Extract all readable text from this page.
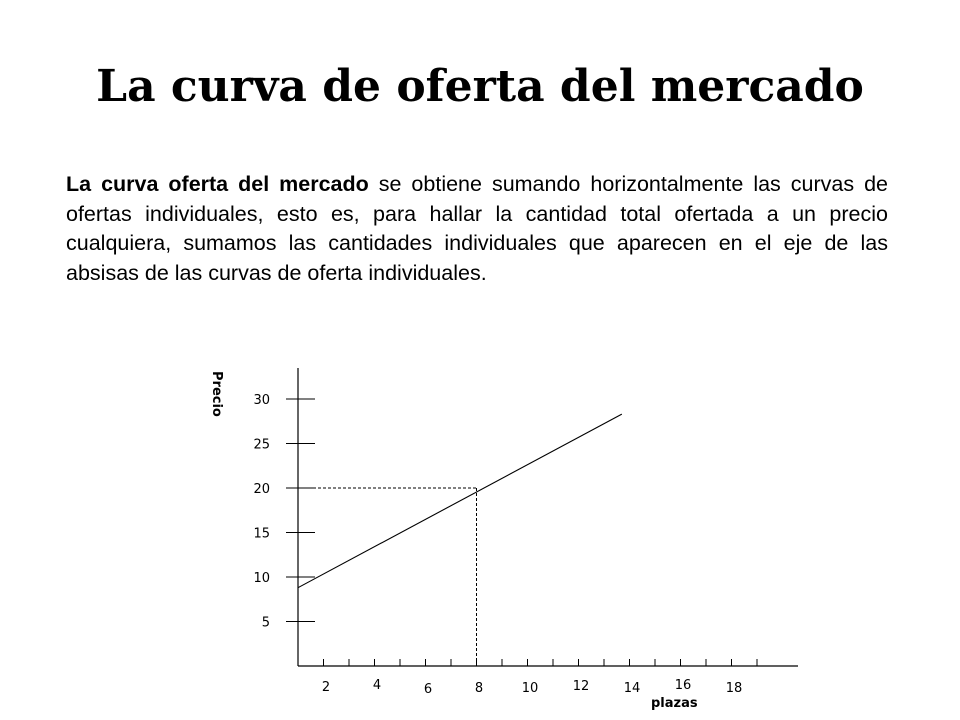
La curva de oferta del mercado

La curva oferta del mercado se obtiene sumando horizontalmente las curvas de ofertas individuales, esto es, para hallar la cantidad total ofertada a un precio cualquiera, sumamos las cantidades individuales que aparecen en el eje de las absisas de las curvas de oferta individuales.

5
10
15
20
25
30
2	4	6	8	10	12	14	16	18
Precio
plazas
